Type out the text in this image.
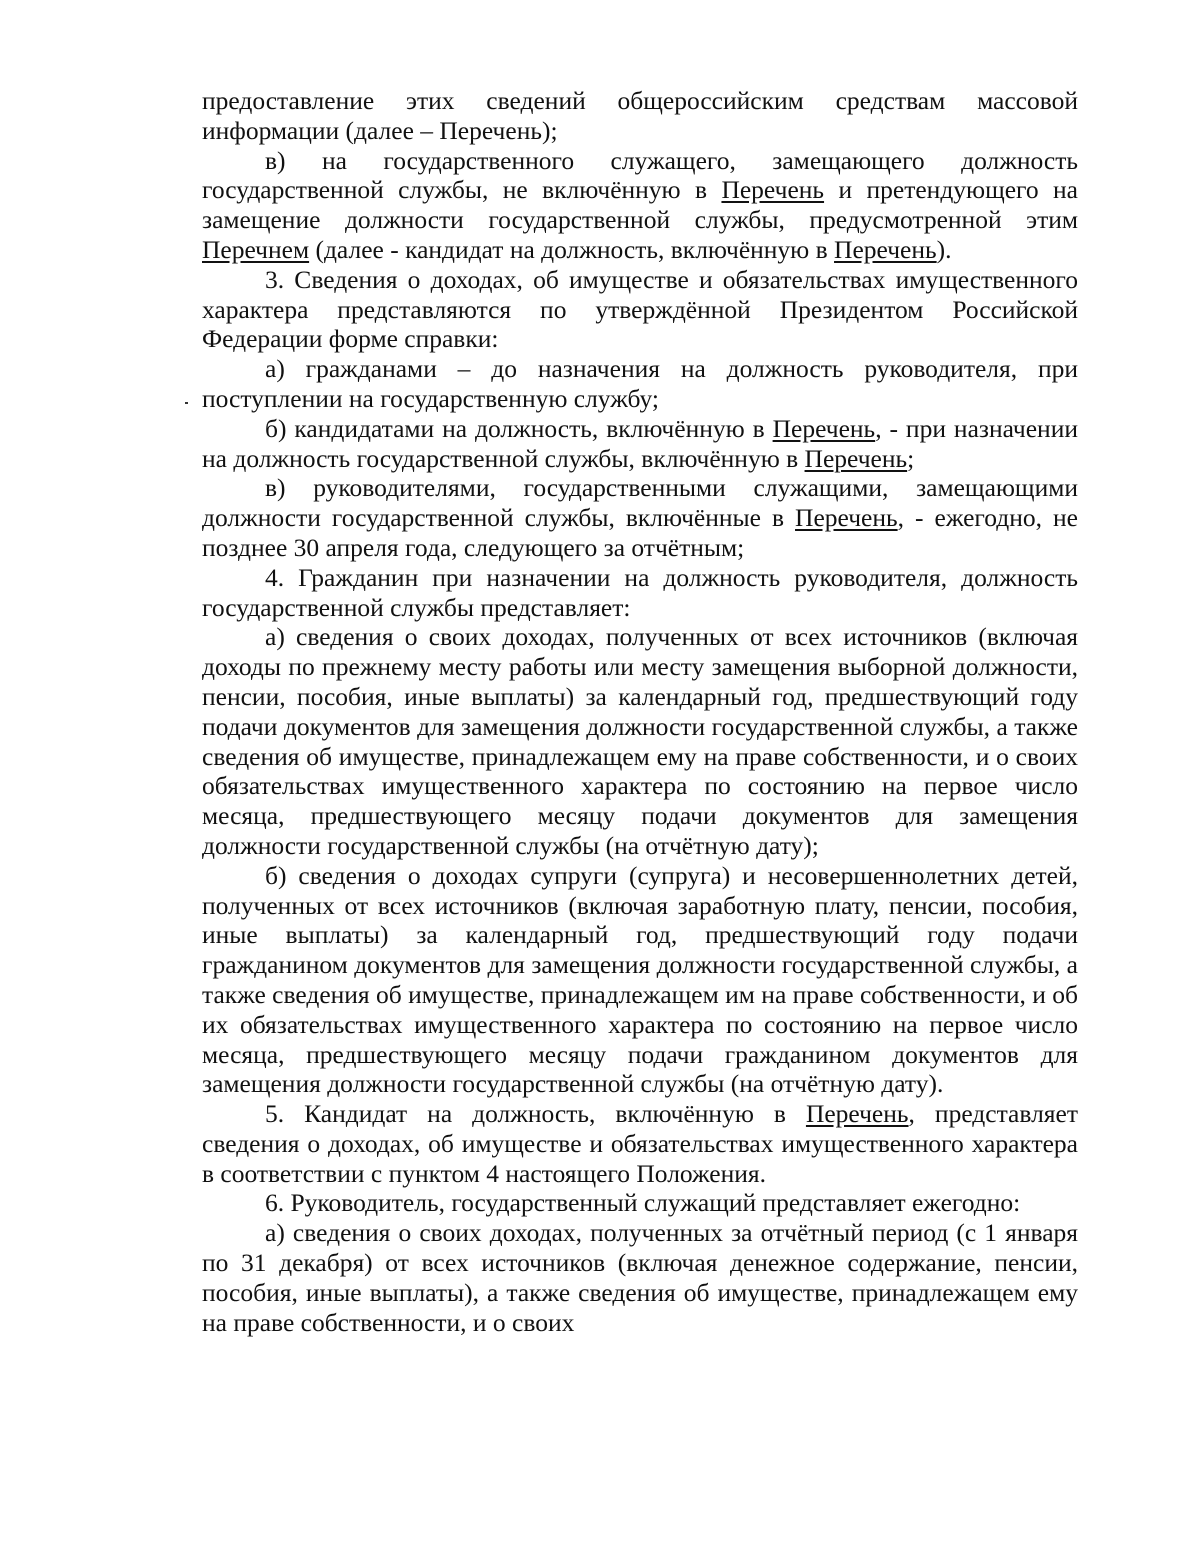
предоставление этих сведений общероссийским средствам массовой информации (далее – Перечень);

в) на государственного служащего, замещающего должность государственной службы, не включённую в Перечень и претендующего на замещение должности государственной службы, предусмотренной этим Перечнем (далее - кандидат на должность, включённую в Перечень).

3. Сведения о доходах, об имуществе и обязательствах имущественного характера представляются по утверждённой Президентом Российской Федерации форме справки:

а) гражданами – до назначения на должность руководителя, при поступлении на государственную службу;

б) кандидатами на должность, включённую в Перечень, - при назначении на должность государственной службы, включённую в Перечень;

в) руководителями, государственными служащими, замещающими должности государственной службы, включённые в Перечень, - ежегодно, не позднее 30 апреля года, следующего за отчётным;

4. Гражданин при назначении на должность руководителя, должность государственной службы представляет:

а) сведения о своих доходах, полученных от всех источников (включая доходы по прежнему месту работы или месту замещения выборной должности, пенсии, пособия, иные выплаты) за календарный год, предшествующий году подачи документов для замещения должности государственной службы, а также сведения об имуществе, принадлежащем ему на праве собственности, и о своих обязательствах имущественного характера по состоянию на первое число месяца, предшествующего месяцу подачи документов для замещения должности государственной службы (на отчётную дату);

б) сведения о доходах супруги (супруга) и несовершеннолетних детей, полученных от всех источников (включая заработную плату, пенсии, пособия, иные выплаты) за календарный год, предшествующий году подачи гражданином документов для замещения должности государственной службы, а также сведения об имуществе, принадлежащем им на праве собственности, и об их обязательствах имущественного характера по состоянию на первое число месяца, предшествующего месяцу подачи гражданином документов для замещения должности государственной службы (на отчётную дату).

5. Кандидат на должность, включённую в Перечень, представляет сведения о доходах, об имуществе и обязательствах имущественного характера в соответствии с пунктом 4 настоящего Положения.

6. Руководитель, государственный служащий представляет ежегодно:

а) сведения о своих доходах, полученных за отчётный период (с 1 января по 31 декабря) от всех источников (включая денежное содержание, пенсии, пособия, иные выплаты), а также сведения об имуществе, принадлежащем ему на праве собственности, и о своих
